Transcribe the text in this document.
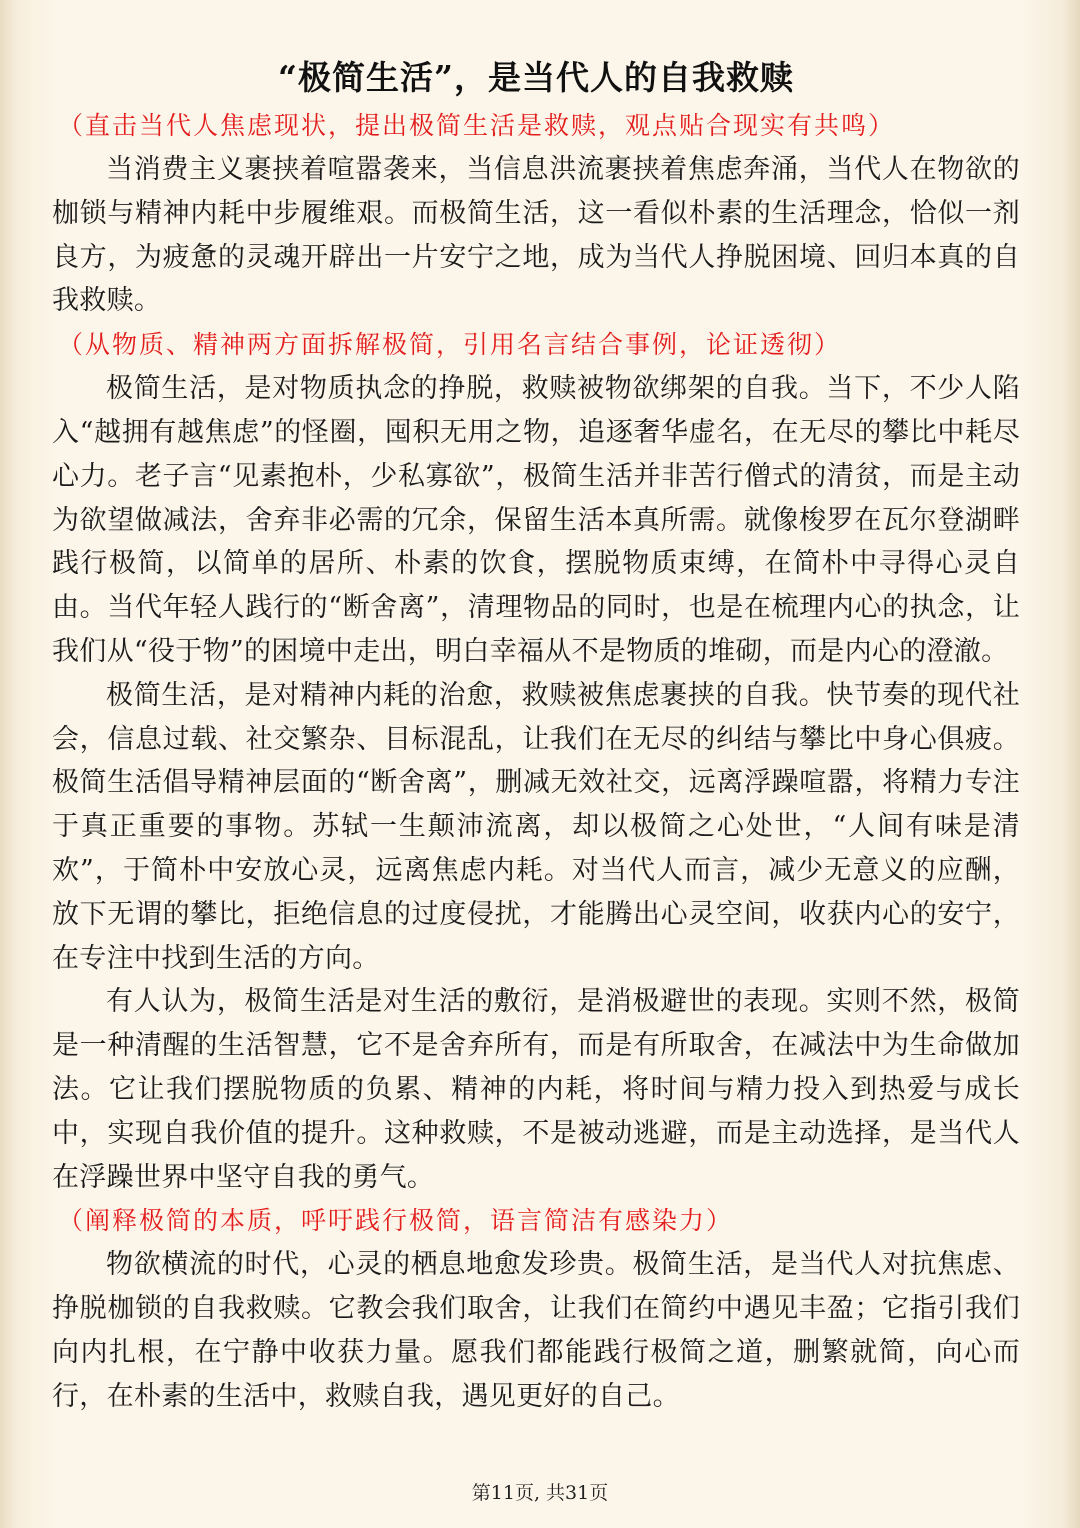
“极简生活”，是当代人的自我救赎

（直击当代人焦虑现状，提出极简生活是救赎，观点贴合现实有共鸣）

当消费主义裹挟着喧嚣袭来，当信息洪流裹挟着焦虑奔涌，当代人在物欲的枷锁与精神内耗中步履维艰。而极简生活，这一看似朴素的生活理念，恰似一剂良方，为疲惫的灵魂开辟出一片安宁之地，成为当代人挣脱困境、回归本真的自我救赎。

（从物质、精神两方面拆解极简，引用名言结合事例，论证透彻）

极简生活，是对物质执念的挣脱，救赎被物欲绑架的自我。当下，不少人陷入“越拥有越焦虑”的怪圈，囤积无用之物，追逐奢华虚名，在无尽的攀比中耗尽心力。老子言“见素抱朴，少私寡欲”，极简生活并非苦行僧式的清贫，而是主动为欲望做减法，舍弃非必需的冗余，保留生活本真所需。就像梭罗在瓦尔登湖畔践行极简，以简单的居所、朴素的饮食，摆脱物质束缚，在简朴中寻得心灵自由。当代年轻人践行的“断舍离”，清理物品的同时，也是在梳理内心的执念，让我们从“役于物”的困境中走出，明白幸福从不是物质的堆砌，而是内心的澄澈。

极简生活，是对精神内耗的治愈，救赎被焦虑裹挟的自我。快节奏的现代社会，信息过载、社交繁杂、目标混乱，让我们在无尽的纠结与攀比中身心俱疲。极简生活倡导精神层面的“断舍离”，删减无效社交，远离浮躁喧嚣，将精力专注于真正重要的事物。苏轼一生颠沛流离，却以极简之心处世，“人间有味是清欢”，于简朴中安放心灵，远离焦虑内耗。对当代人而言，减少无意义的应酬，放下无谓的攀比，拒绝信息的过度侵扰，才能腾出心灵空间，收获内心的安宁，在专注中找到生活的方向。

有人认为，极简生活是对生活的敷衍，是消极避世的表现。实则不然，极简是一种清醒的生活智慧，它不是舍弃所有，而是有所取舍，在减法中为生命做加法。它让我们摆脱物质的负累、精神的内耗，将时间与精力投入到热爱与成长中，实现自我价值的提升。这种救赎，不是被动逃避，而是主动选择，是当代人在浮躁世界中坚守自我的勇气。

（阐释极简的本质，呼吁践行极简，语言简洁有感染力）

物欲横流的时代，心灵的栖息地愈发珍贵。极简生活，是当代人对抗焦虑、挣脱枷锁的自我救赎。它教会我们取舍，让我们在简约中遇见丰盈；它指引我们向内扎根，在宁静中收获力量。愿我们都能践行极简之道，删繁就简，向心而行，在朴素的生活中，救赎自我，遇见更好的自己。

第11页, 共31页
